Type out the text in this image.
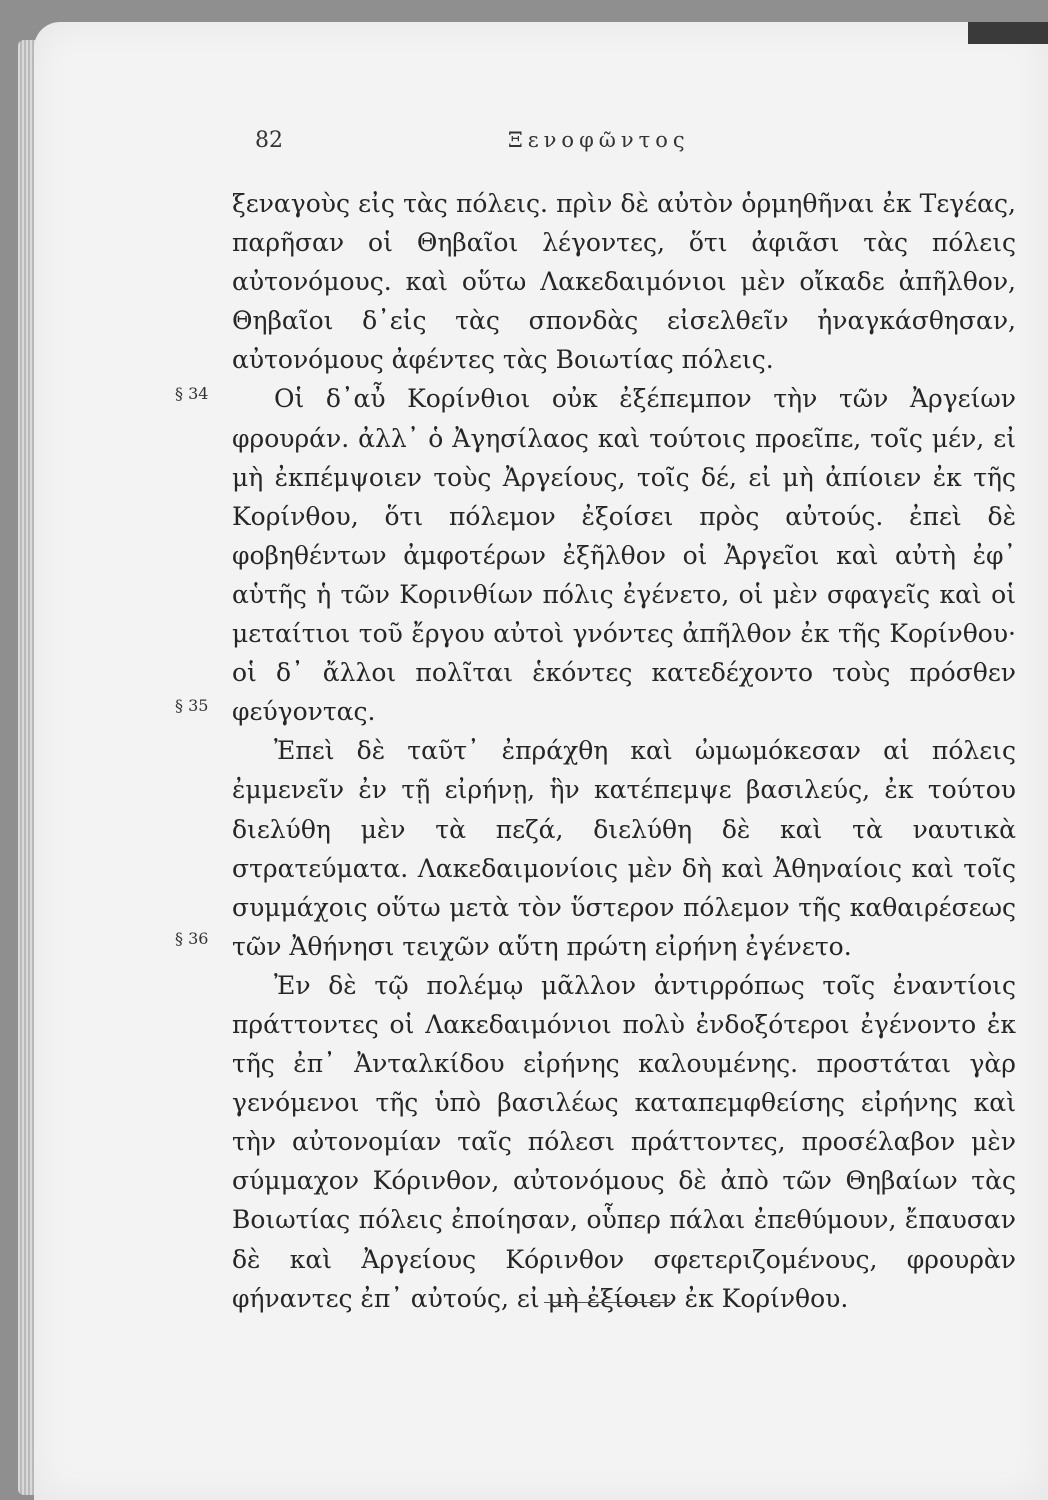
82	Ξενοφῶντος
§ 34
§ 35
§ 36

ξεναγοὺς εἰς τὰς πόλεις. πρὶν δὲ αὐτὸν ὁρμηθῆναι ἐκ Τεγέας, παρῆσαν οἱ Θηβαῖοι λέγοντες, ὅτι ἀφιᾶσι τὰς πόλεις αὐτονόμους. καὶ οὕτω Λακεδαιμόνιοι μὲν οἴκαδε ἀπῆλθον, Θηβαῖοι δ᾽εἰς τὰς σπονδὰς εἰσελθεῖν ἠναγκάσθησαν, αὐτονόμους ἀφέντες τὰς Βοιωτίας πόλεις.

Οἱ δ᾽αὖ Κορίνθιοι οὐκ ἐξέπεμπον τὴν τῶν Ἀργείων φρουράν. ἀλλ᾽ ὁ Ἀγησίλαος καὶ τούτοις προεῖπε, τοῖς μέν, εἰ μὴ ἐκπέμψοιεν τοὺς Ἀργείους, τοῖς δέ, εἰ μὴ ἀπίοιεν ἐκ τῆς Κορίνθου, ὅτι πόλεμον ἐξοίσει πρὸς αὐτούς. ἐπεὶ δὲ φοβηθέντων ἀμφοτέρων ἐξῆλθον οἱ Ἀργεῖοι καὶ αὐτὴ ἐφ᾽ αὑτῆς ἡ τῶν Κορινθίων πόλις ἐγένετο, οἱ μὲν σφαγεῖς καὶ οἱ μεταίτιοι τοῦ ἔργου αὐτοὶ γνόντες ἀπῆλθον ἐκ τῆς Κορίνθου· οἱ δ᾽ ἄλλοι πολῖται ἑκόντες κατεδέχοντο τοὺς πρόσθεν φεύγοντας.

Ἐπεὶ δὲ ταῦτ᾽ ἐπράχθη καὶ ὠμωμόκεσαν αἱ πόλεις ἐμμενεῖν ἐν τῇ εἰρήνῃ, ἣν κατέπεμψε βασιλεύς, ἐκ τούτου διελύθη μὲν τὰ πεζά, διελύθη δὲ καὶ τὰ ναυτικὰ στρατεύματα. Λακεδαιμονίοις μὲν δὴ καὶ Ἀθηναίοις καὶ τοῖς συμμάχοις οὕτω μετὰ τὸν ὕστερον πόλεμον τῆς καθαιρέσεως τῶν Ἀθήνησι τειχῶν αὕτη πρώτη εἰρήνη ἐγένετο.

Ἐν δὲ τῷ πολέμῳ μᾶλλον ἀντιρρόπως τοῖς ἐναντίοις πράττοντες οἱ Λακεδαιμόνιοι πολὺ ἐνδοξότεροι ἐγένοντο ἐκ τῆς ἐπ᾽ Ἀνταλκίδου εἰρήνης καλουμένης. προστάται γὰρ γενόμενοι τῆς ὑπὸ βασιλέως καταπεμφθείσης εἰρήνης καὶ τὴν αὐτονομίαν ταῖς πόλεσι πράττοντες, προσέλαβον μὲν σύμμαχον Κόρινθον, αὐτονόμους δὲ ἀπὸ τῶν Θηβαίων τὰς Βοιωτίας πόλεις ἐποίησαν, οὗπερ πάλαι ἐπεθύμουν, ἔπαυσαν δὲ καὶ Ἀργείους Κόρινθον σφετεριζομένους, φρουρὰν φήναντες ἐπ᾽ αὐτούς, εἰ μὴ ἐξίοιεν ἐκ Κορίνθου.
